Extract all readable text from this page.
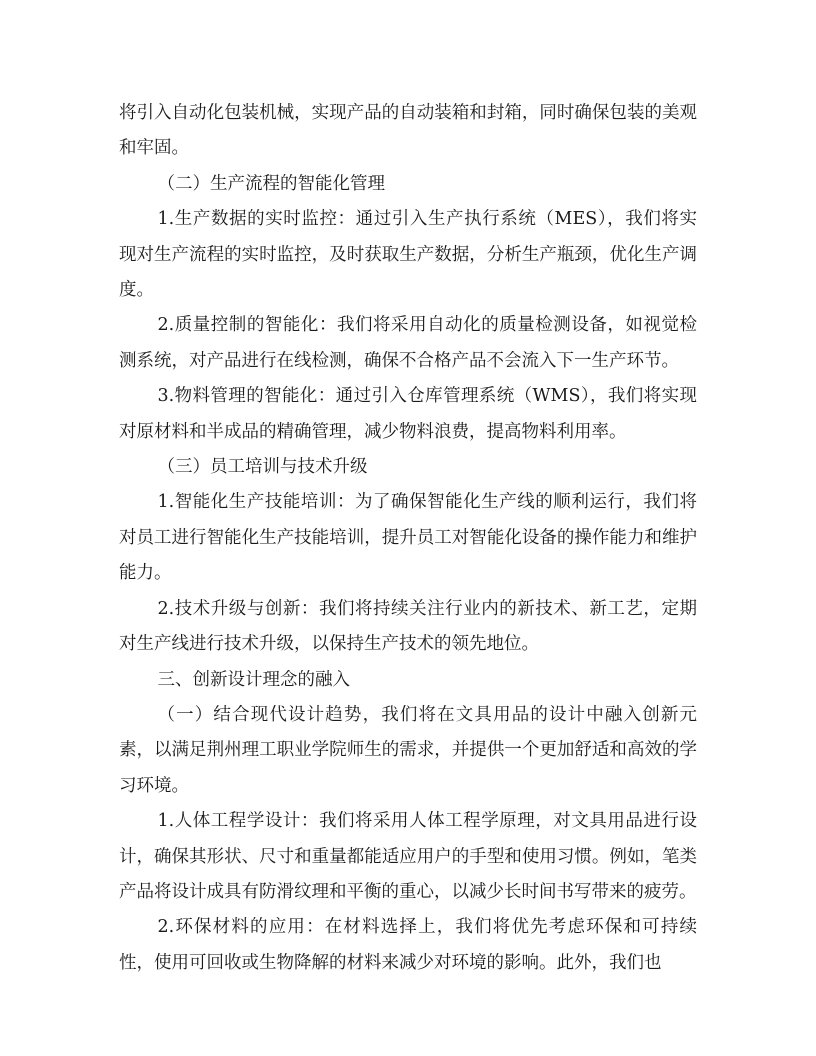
将引入自动化包装机械，实现产品的自动装箱和封箱，同时确保包装的美观和牢固。

（二）生产流程的智能化管理

1.生产数据的实时监控：通过引入生产执行系统（MES），我们将实现对生产流程的实时监控，及时获取生产数据，分析生产瓶颈，优化生产调度。

2.质量控制的智能化：我们将采用自动化的质量检测设备，如视觉检测系统，对产品进行在线检测，确保不合格产品不会流入下一生产环节。

3.物料管理的智能化：通过引入仓库管理系统（WMS），我们将实现对原材料和半成品的精确管理，减少物料浪费，提高物料利用率。

（三）员工培训与技术升级

1.智能化生产技能培训：为了确保智能化生产线的顺利运行，我们将对员工进行智能化生产技能培训，提升员工对智能化设备的操作能力和维护能力。

2.技术升级与创新：我们将持续关注行业内的新技术、新工艺，定期对生产线进行技术升级，以保持生产技术的领先地位。

三、创新设计理念的融入

（一）结合现代设计趋势，我们将在文具用品的设计中融入创新元素，以满足荆州理工职业学院师生的需求，并提供一个更加舒适和高效的学习环境。

1.人体工程学设计：我们将采用人体工程学原理，对文具用品进行设计，确保其形状、尺寸和重量都能适应用户的手型和使用习惯。例如，笔类产品将设计成具有防滑纹理和平衡的重心，以减少长时间书写带来的疲劳。

2.环保材料的应用：在材料选择上，我们将优先考虑环保和可持续性，使用可回收或生物降解的材料来减少对环境的影响。此外，我们也
